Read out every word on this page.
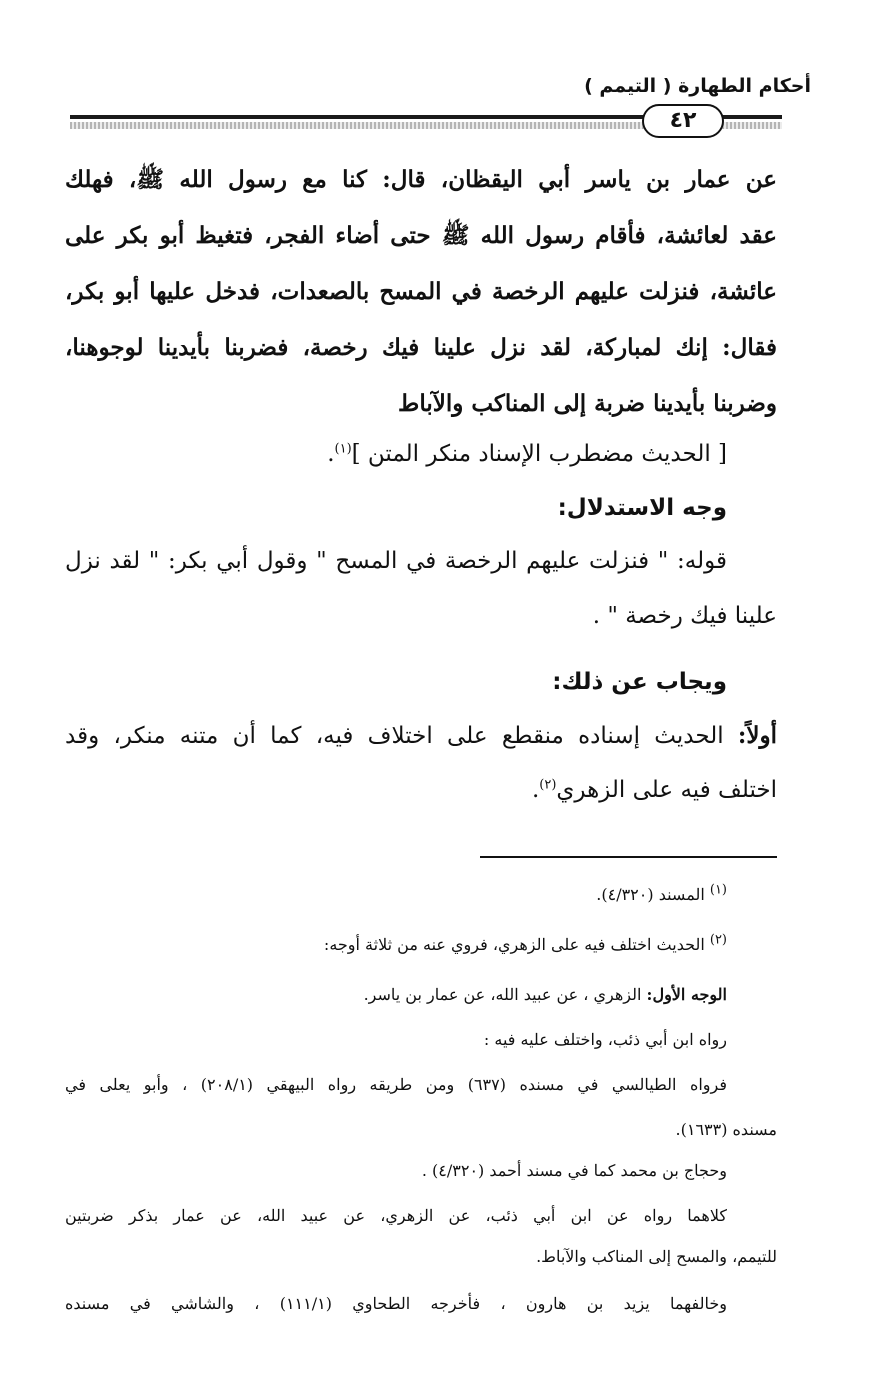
أحكام الطهارة ( التيمم )
٤٢
عن عمار بن ياسر أبي اليقظان، قال: كنا مع رسول الله ﷺ، فهلك
عقد لعائشة، فأقام رسول الله ﷺ حتى أضاء الفجر، فتغيظ أبو بكر على
عائشة، فنزلت عليهم الرخصة في المسح بالصعدات، فدخل عليها أبو بكر،
فقال: إنك لمباركة، لقد نزل علينا فيك رخصة، فضربنا بأيدينا لوجوهنا،
وضربنا بأيدينا ضربة إلى المناكب والآباط
[ الحديث مضطرب الإسناد منكر المتن ]$^{(١)}$.
وجه الاستدلال:
قوله: " فنزلت عليهم الرخصة في المسح " وقول أبي بكر: " لقد نزل
علينا فيك رخصة " .
ويجاب عن ذلك:
أولاً: الحديث إسناده منقطع على اختلاف فيه، كما أن متنه منكر، وقد
اختلف فيه على الزهري$^{(٢)}$.
$^{(١)}$ المسند (٤/٣٢٠).
$^{(٢)}$ الحديث اختلف فيه على الزهري، فروي عنه من ثلاثة أوجه:
الوجه الأول: الزهري ، عن عبيد الله، عن عمار بن ياسر.
رواه ابن أبي ذئب، واختلف عليه فيه :
فرواه الطيالسي في مسنده (٦٣٧) ومن طريقه رواه البيهقي (٢٠٨/١) ، وأبو يعلى في
مسنده (١٦٣٣).
وحجاج بن محمد كما في مسند أحمد (٤/٣٢٠) .
كلاهما رواه عن ابن أبي ذئب، عن الزهري، عن عبيد الله، عن عمار بذكر ضربتين
للتيمم، والمسح إلى المناكب والآباط.
وخالفهما يزيد بن هارون ، فأخرجه الطحاوي (١١١/١) ، والشاشي في مسنده
